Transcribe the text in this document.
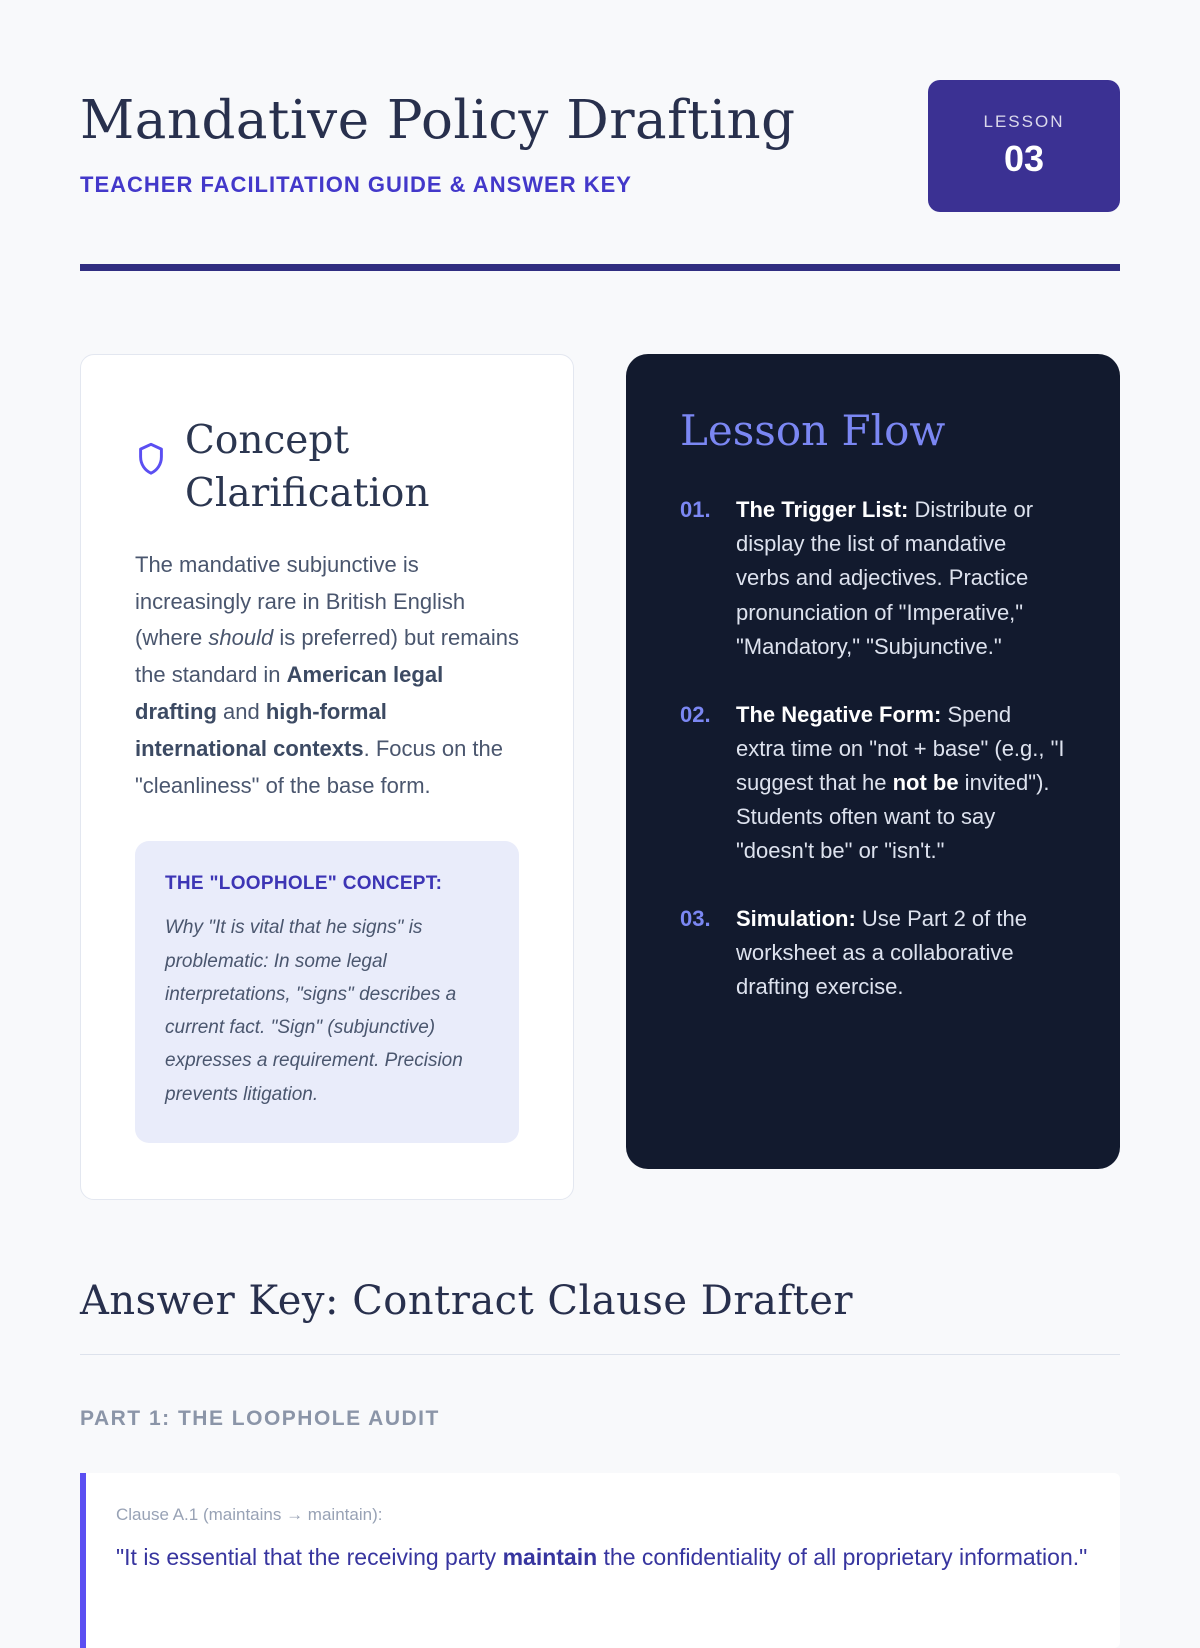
Mandative Policy Drafting
TEACHER FACILITATION GUIDE & ANSWER KEY
LESSON
03
Concept Clarification

The mandative subjunctive is increasingly rare in British English (where should is preferred) but remains the standard in American legal drafting and high-formal international contexts. Focus on the "cleanliness" of the base form.

THE "LOOPHOLE" CONCEPT:

Why "It is vital that he signs" is problematic: In some legal interpretations, "signs" describes a current fact. "Sign" (subjunctive) expresses a requirement. Precision prevents litigation.

Lesson Flow
01.	The Trigger List: Distribute or display the list of mandative verbs and adjectives. Practice pronunciation of "Imperative," "Mandatory," "Subjunctive."

02.	The Negative Form: Spend extra time on "not + base" (e.g., "I suggest that he not be invited"). Students often want to say "doesn't be" or "isn't."

03.	Simulation: Use Part 2 of the worksheet as a collaborative drafting exercise.

Answer Key: Contract Clause Drafter
PART 1: THE LOOPHOLE AUDIT
Clause A.1 (maintains → maintain):

"It is essential that the receiving party maintain the confidentiality of all proprietary information."
